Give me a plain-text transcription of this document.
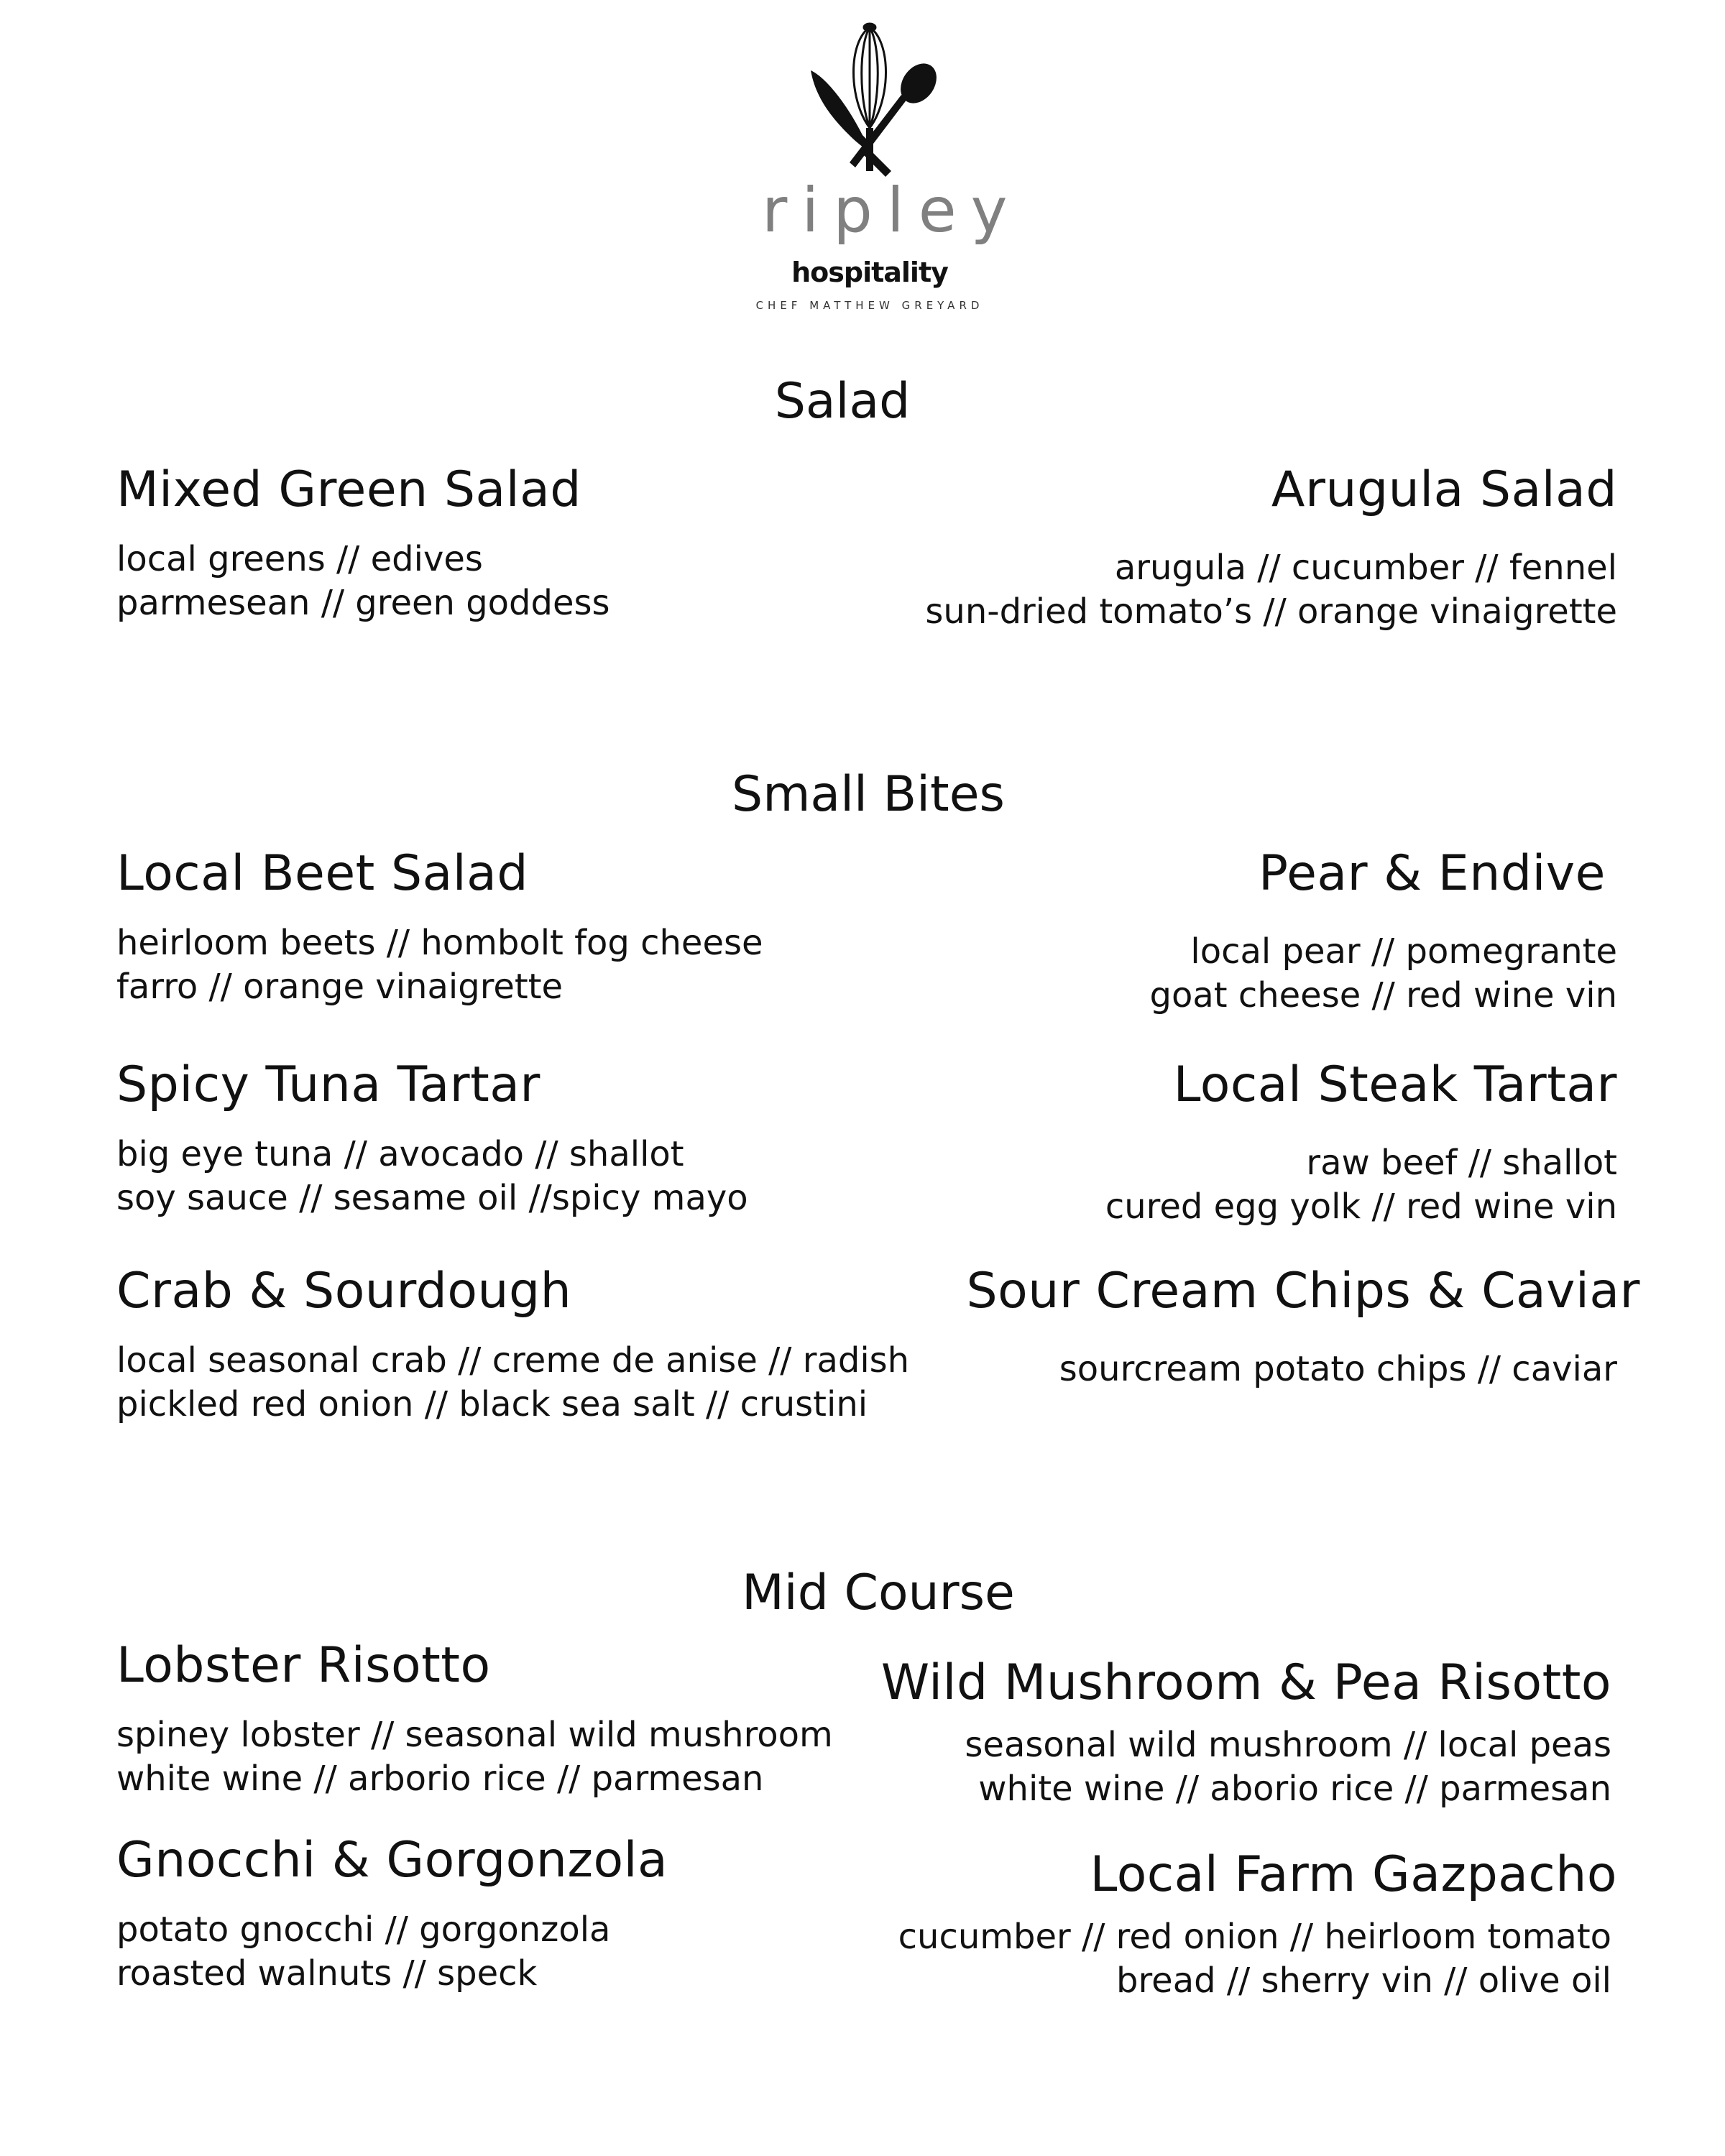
ripley
hospitality
CHEF MATTHEW GREYARD
Salad
Mixed Green Salad
local greens // edives
parmesean // green goddess
Arugula Salad
arugula // cucumber // fennel
sun-dried tomato’s // orange vinaigrette
Small Bites
Local Beet Salad
heirloom beets // hombolt fog cheese
farro // orange vinaigrette
Pear & Endive
local pear // pomegrante
goat cheese // red wine vin
Spicy Tuna Tartar
big eye tuna // avocado // shallot
soy sauce // sesame oil //spicy mayo
Local Steak Tartar
raw beef // shallot
cured egg yolk // red wine vin
Crab & Sourdough
local seasonal crab // creme de anise // radish
pickled red onion // black sea salt // crustini
Sour Cream Chips & Caviar
sourcream potato chips // caviar
Mid Course
Lobster Risotto
spiney lobster // seasonal wild mushroom
white wine // arborio rice // parmesan
Wild Mushroom & Pea Risotto
seasonal wild mushroom // local peas
white wine // aborio rice // parmesan
Gnocchi & Gorgonzola
potato gnocchi // gorgonzola
roasted walnuts // speck
Local Farm Gazpacho
cucumber // red onion // heirloom tomato
bread // sherry vin // olive oil
